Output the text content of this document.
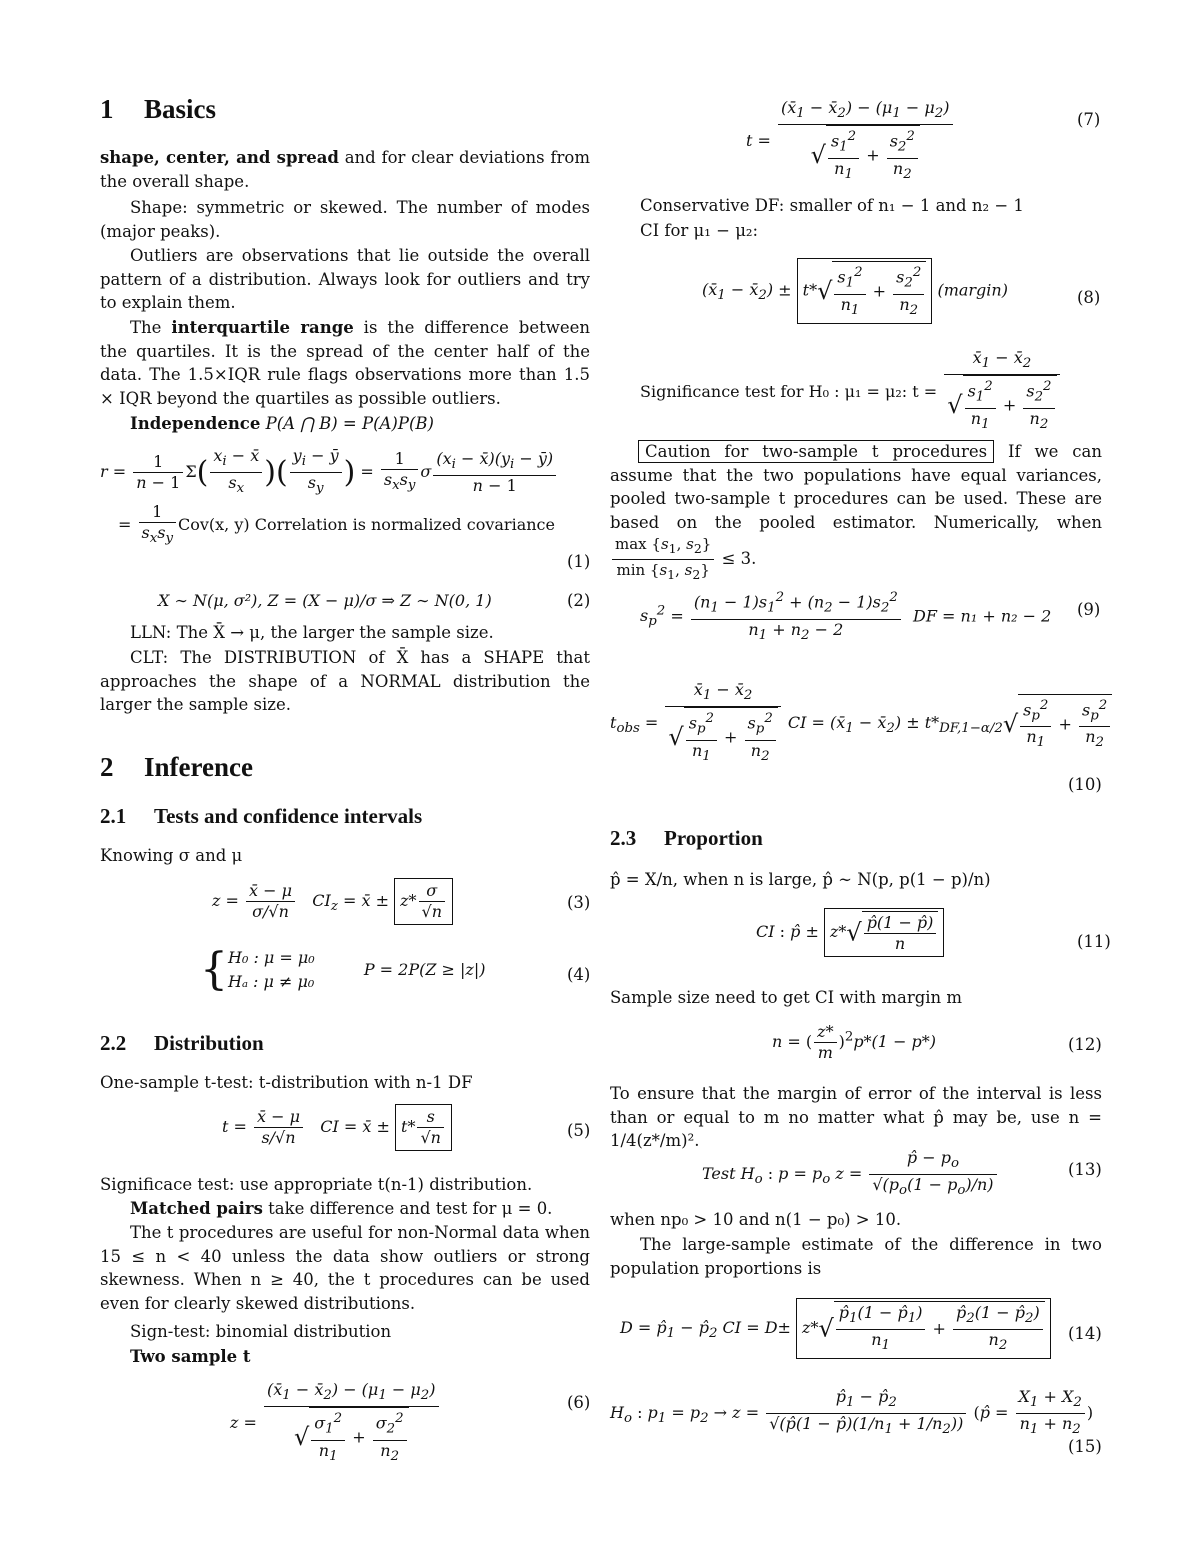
1 Basics
shape, center, and spread and for clear deviations from the overall shape.
Shape: symmetric or skewed. The number of modes (major peaks).
Outliers are observations that lie outside the overall pattern of a distribution. Always look for outliers and try to explain them.
The interquartile range is the difference between the quartiles. It is the spread of the center half of the data. The 1.5×IQR rule flags observations more than 1.5 × IQR beyond the quartiles as possible outliers.
Independence P(A ⋂ B) = P(A)P(B)
$r = \frac{1}{n - 1} \Sigma( \frac{x_i - x̄}{s_x}$ )( $\frac{y_i - ȳ}{s_y}$ ) = $\frac{1}{s_xs_y}$ σ $\frac{(x_i - x̄)(y_i - ȳ)}{n - 1}$
= $\frac{1}{s_xs_y} Cov(x$, y) Correlation is normalized covariance
(1)
X ∼ N(μ, σ²), Z = (X − μ)/σ ⇒ Z ∼ N(0, 1)	(2)
LLN: The X̄ → μ, the larger the sample size.
CLT: The DISTRIBUTION of X̄ has a SHAPE that approaches the shape of a NORMAL distribution the larger the sample size.
2 Inference
2.1 Tests and confidence intervals
Knowing σ and μ
$z = \frac{x̄ - \mu}{\sigma/√n} CI_z$ = x̄ ± $z* \frac{\sigma}{√n}$	(3)
{ H₀ : μ = μ₀
Hₐ : μ ≠ μ₀
P = 2P(Z ≥ |z|)	(4)
2.2 Distribution
One-sample t-test: t-distribution with n-1 DF
$t = \frac{x̄ - \mu}{s/√n}$ CI = x̄ ± $t* \frac{s}{√n}$	(5)
Significace test: use appropriate t(n-1) distribution.
Matched pairs take difference and test for μ = 0.
The t procedures are useful for non-Normal data when 15 ≤ n < 40 unless the data show outliers or strong skewness. When n ≥ 40, the t procedures can be used even for clearly skewed distributions.
Sign-test: binomial distribution
Two sample t
$z = \frac{(x̄_1 - x̄_2) - (\mu_1 - \mu_2)}{√ \frac{\sigma_1^2}{n_1} + \frac{\sigma_2^2}{n_2}}$	(6)
$t = \frac{(x̄_1 - x̄_2) - (\mu_1 - \mu_2)}{√ \frac{s_1^2}{n_1} + \frac{s_2^2}{n_2}}$	(7)
Conservative DF: smaller of n₁ − 1 and n₂ − 1
CI for μ₁ − μ₂:
($x̄_1$ − $x̄_2) \pm t*√ \frac{s_1^2}{n_1} + \frac{s_2^2}{n_2}$ (margin)	(8)
Significance test for H₀ : μ₁ = μ₂: $t = \frac{x̄_1 - x̄_2}{√ \frac{s_1^2}{n_1} + \frac{s_2^2}{n_2}}$
Caution for two-sample t procedures If we can assume that the two populations have equal variances, pooled two-sample t procedures can be used. These are based on the pooled estimator. Numerically, when
$\frac{\max \{s_1, s_2\}}{\min \{s_1, s_2\}} \le 3$.
$s_p^2 = \frac{(n_1 - 1)s_1^2 + (n_2 - 1)s_2^2}{n_1 + n_2 - 2}$ DF = n₁ + n₂ − 2 (9)
$t_{obs} = \frac{x̄_1 - x̄_2}{√ \frac{s_p^2}{n_1} + \frac{s_p^2}{n_2}}$ CI = ($x̄_1$ − $x̄_2) \pm t*_{DF,1-\alpha/2}√ \frac{s_p^2}{n_1} + \frac{s_p^2}{n_2}$
(10)
2.3 Proportion
p̂ = X/n, when n is large, p̂ ∼ N(p, p(1 − p)/n)
CI : p̂ ± $z*√ \frac{p̂(1 - p̂)}{n}$	(11)
Sample size need to get CI with margin m
n = ( $\frac{z*}{m} )^2p*(1 - p*)$	(12)
To ensure that the margin of error of the interval is less than or equal to m no matter what p̂ may be, use n = 1/4(z*/m)².
Test $H_o$ : $p = p_o$ $z = \frac{p̂ - p_o}{√(p_o(1 - p_o)/n)}$	(13)
when np₀ > 10 and n(1 − p₀) > 10.
The large-sample estimate of the difference in two population proportions is
$D = p̂_1$ − $p̂_2$ CI = $D\pm z*√ \frac{p̂_1(1 - p̂_1)}{n_1} + \frac{p̂_2(1 - p̂_2)}{n_2} (14)$
$H_o$ : $p_1 = p_2 \to z = \frac{p̂_1 - p̂_2}{√(p̂(1 - p̂)(1/n_1 + 1/n_2))}$ (p̂ = $\frac{X_1 + X_2}{n_1 + n_2}$ )
(15)
